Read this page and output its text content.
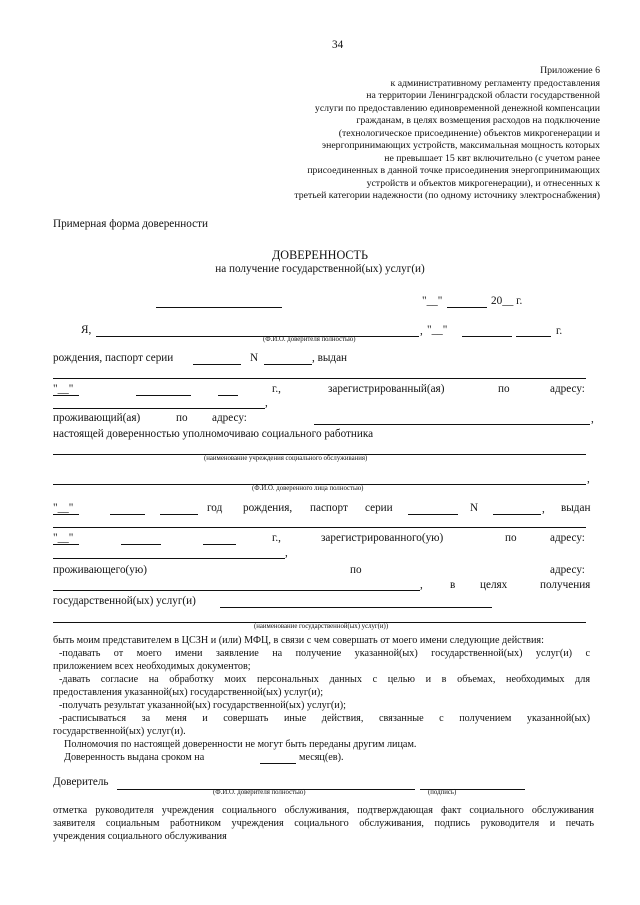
34
Приложение 6
к административному регламенту предоставления
на территории Ленинградской области государственной
услуги по предоставлению единовременной денежной компенсации
гражданам, в целях возмещения расходов на подключение
(технологическое присоединение) объектов микрогенерации и
энергопринимающих устройств, максимальная мощность которых
не превышает 15 квт включительно (с учетом ранее
присоединенных в данной точке присоединения энергопринимающих
устройств и объектов микрогенерации), и отнесенных к
третьей категории надежности (по одному источнику электроснабжения)
Примерная форма доверенности
ДОВЕРЕННОСТЬ
на получение государственной(ых) услуг(и)
"__"	20__ г.
Я,	, "__"	г.
(Ф.И.О. доверителя полностью)
рождения, паспорт серии	N	, выдан
"__"	г.,	зарегистрированный(ая)	по	адресу:
,
проживающий(ая)	по адресу:	,
настоящей доверенностью уполномочиваю социального работника
(наименование учреждения социального обслуживания)
,
(Ф.И.О. доверенного лица полностью)
"__"	год рождения, паспорт серии	N	, выдан
"__"	г.,	зарегистрированного(ую)	по	адресу:
,
проживающего(ую)	по	адресу:
, в целях	получения
государственной(ых) услуг(и)
(наименование государственной(ых) услуг(и))
быть моим представителем в ЦСЗН и (или) МФЦ, в связи с чем совершать от моего имени следующие действия:
-подавать от моего имени заявление на получение указанной(ых) государственной(ых) услуг(и) с
приложением всех необходимых документов;
-давать согласие на обработку моих персональных данных с целью и в объемах, необходимых для
предоставления указанной(ых) государственной(ых) услуг(и);
-получать результат указанной(ых) государственной(ых) услуг(и);
-расписываться за меня и совершать иные действия, связанные с получением указанной(ых)
государственной(ых) услуг(и).
Полномочия по настоящей доверенности не могут быть переданы другим лицам.
Доверенность выдана сроком на	месяц(ев).
Доверитель
(Ф.И.О. доверителя полностью)	(подпись)
отметка руководителя учреждения социального обслуживания, подтверждающая факт социального обслуживания
заявителя социальным работником учреждения социального обслуживания, подпись руководителя и печать
учреждения социального обслуживания
